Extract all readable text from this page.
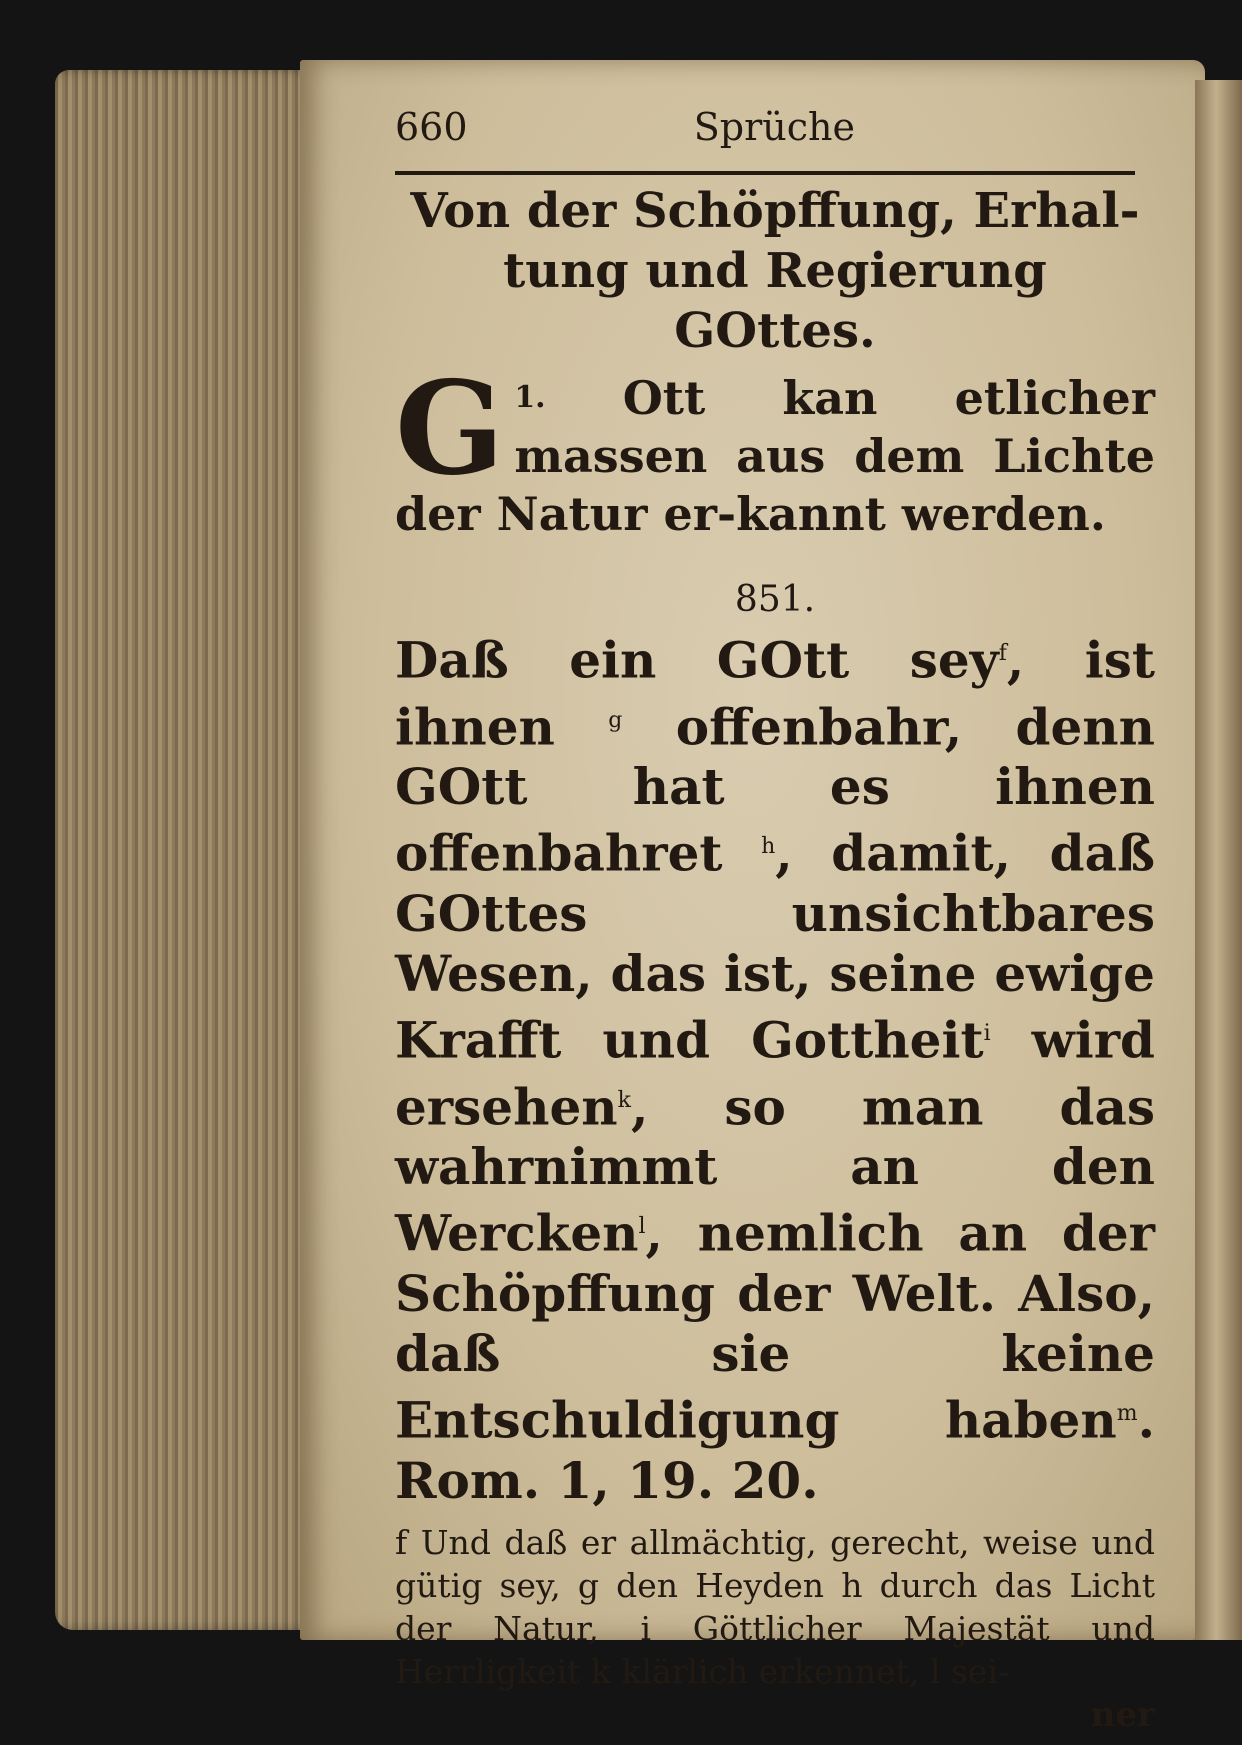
660	Sprüche
Von der Schöpffung, Erhal-
tung und Regierung
GOttes.
$^{1.}$
G	Ott kan etlicher massen aus dem Lichte der Natur er-kannt werden.
851.
Daß ein GOtt sey$^f$, ist ihnen $^g$ offenbahr, denn GOtt hat es ihnen offenbahret $^h$, damit, daß GOttes unsichtbares Wesen, das ist, seine ewige Krafft und Gottheit$^i$ wird ersehen$^k$, so man das wahrnimmt an den Wercken$^l$, nemlich an der Schöpffung der Welt. Also, daß sie keine Entschuldigung haben$^m$. Rom. 1, 19. 20.
f Und daß er allmächtig, gerecht, weise und gütig sey, g den Heyden h durch das Licht der Natur, i Göttlicher Majestät und Herrligkeit k klärlich erkennet, l sei-
ner
